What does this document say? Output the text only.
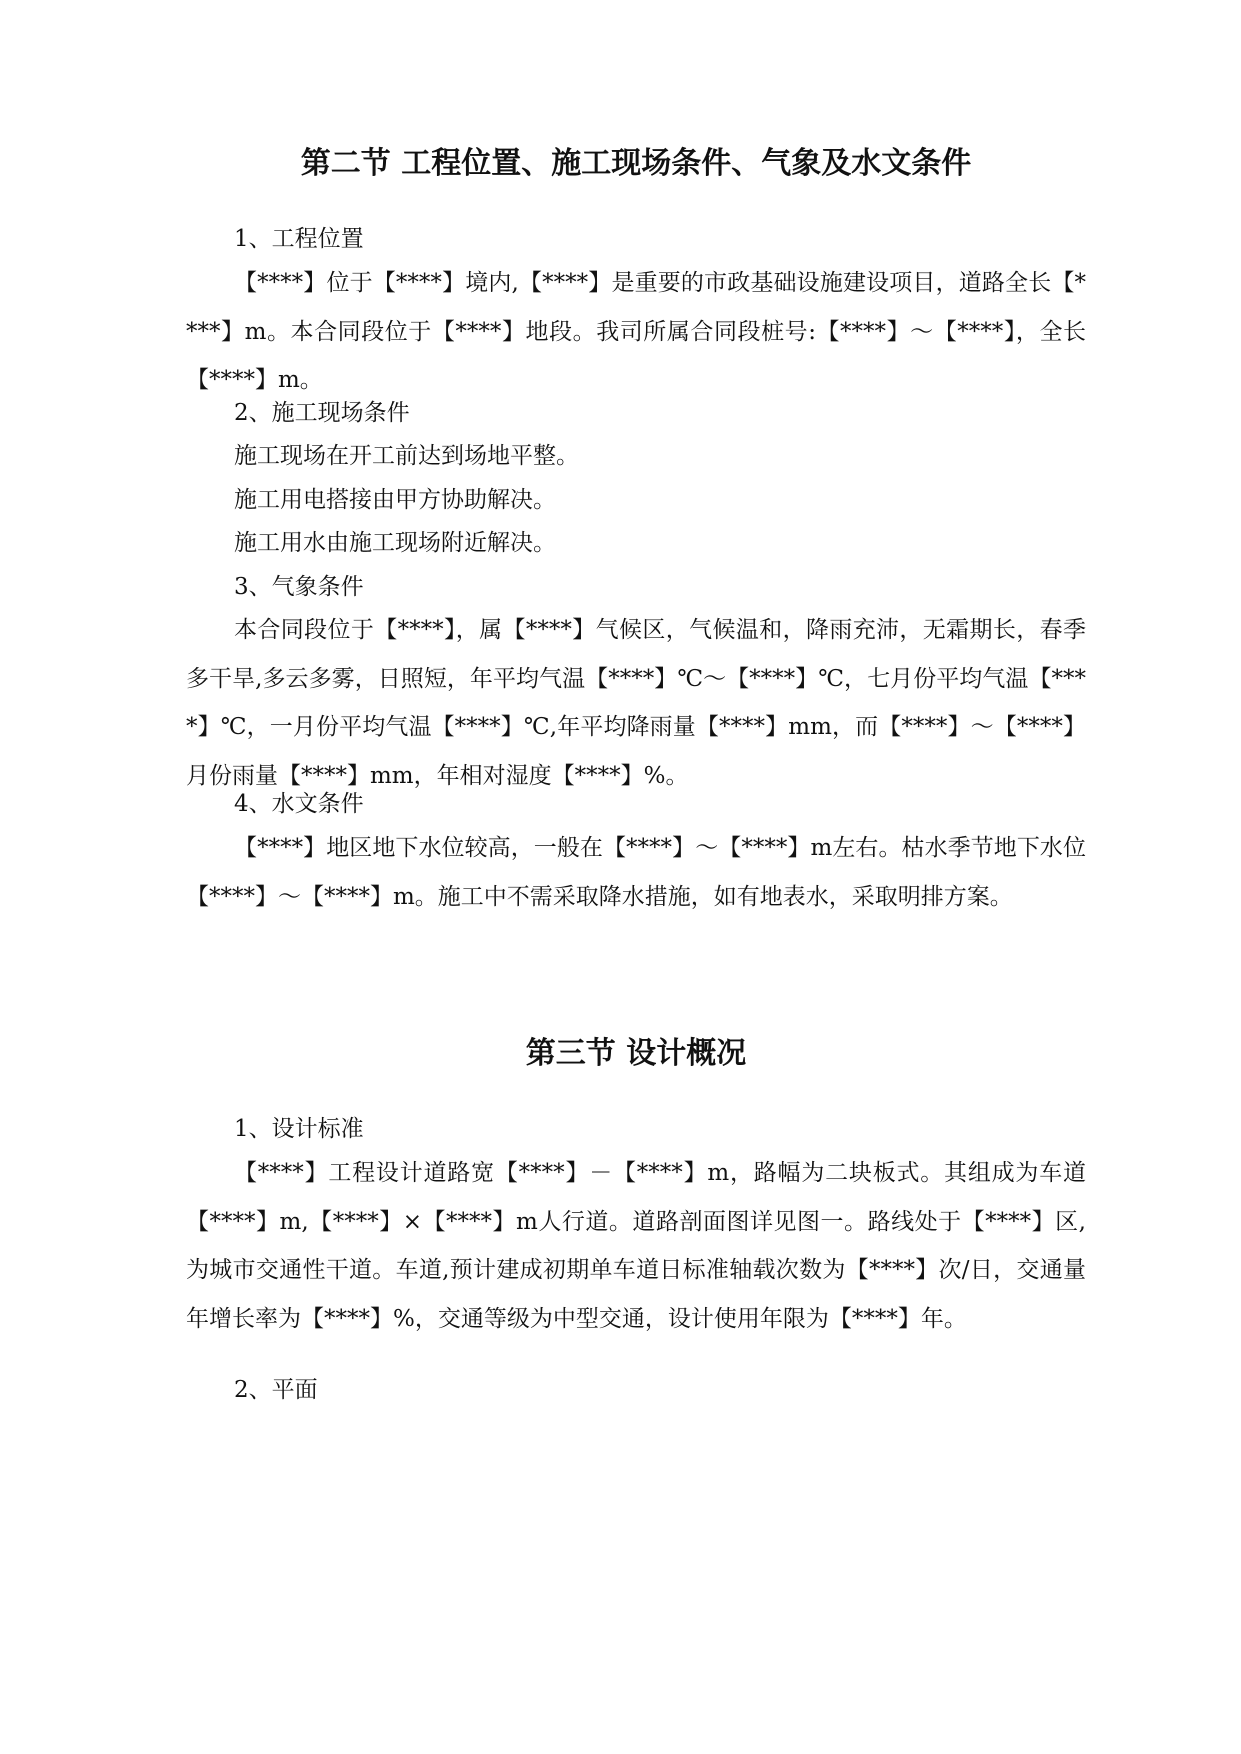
第二节 工程位置、施工现场条件、气象及水文条件

1、工程位置

【****】位于【****】境内,【****】是重要的市政基础设施建设项目，道路全长【****】m。本合同段位于【****】地段。我司所属合同段桩号:【****】～【****】，全长【****】m。

2、施工现场条件

施工现场在开工前达到场地平整。

施工用电搭接由甲方协助解决。

施工用水由施工现场附近解决。

3、气象条件

本合同段位于【****】，属【****】气候区，气候温和，降雨充沛，无霜期长，春季多干旱,多云多雾，日照短，年平均气温【****】℃～【****】℃，七月份平均气温【****】℃，一月份平均气温【****】℃,年平均降雨量【****】mm，而【****】～【****】月份雨量【****】mm，年相对湿度【****】%。

4、水文条件

【****】地区地下水位较高，一般在【****】～【****】m左右。枯水季节地下水位【****】～【****】m。施工中不需采取降水措施，如有地表水，采取明排方案。

第三节 设计概况

1、设计标准

【****】工程设计道路宽【****】－【****】m，路幅为二块板式。其组成为车道【****】m,【****】×【****】m人行道。道路剖面图详见图一。路线处于【****】区,为城市交通性干道。车道,预计建成初期单车道日标准轴载次数为【****】次/日，交通量年增长率为【****】%，交通等级为中型交通，设计使用年限为【****】年。

2、平面
